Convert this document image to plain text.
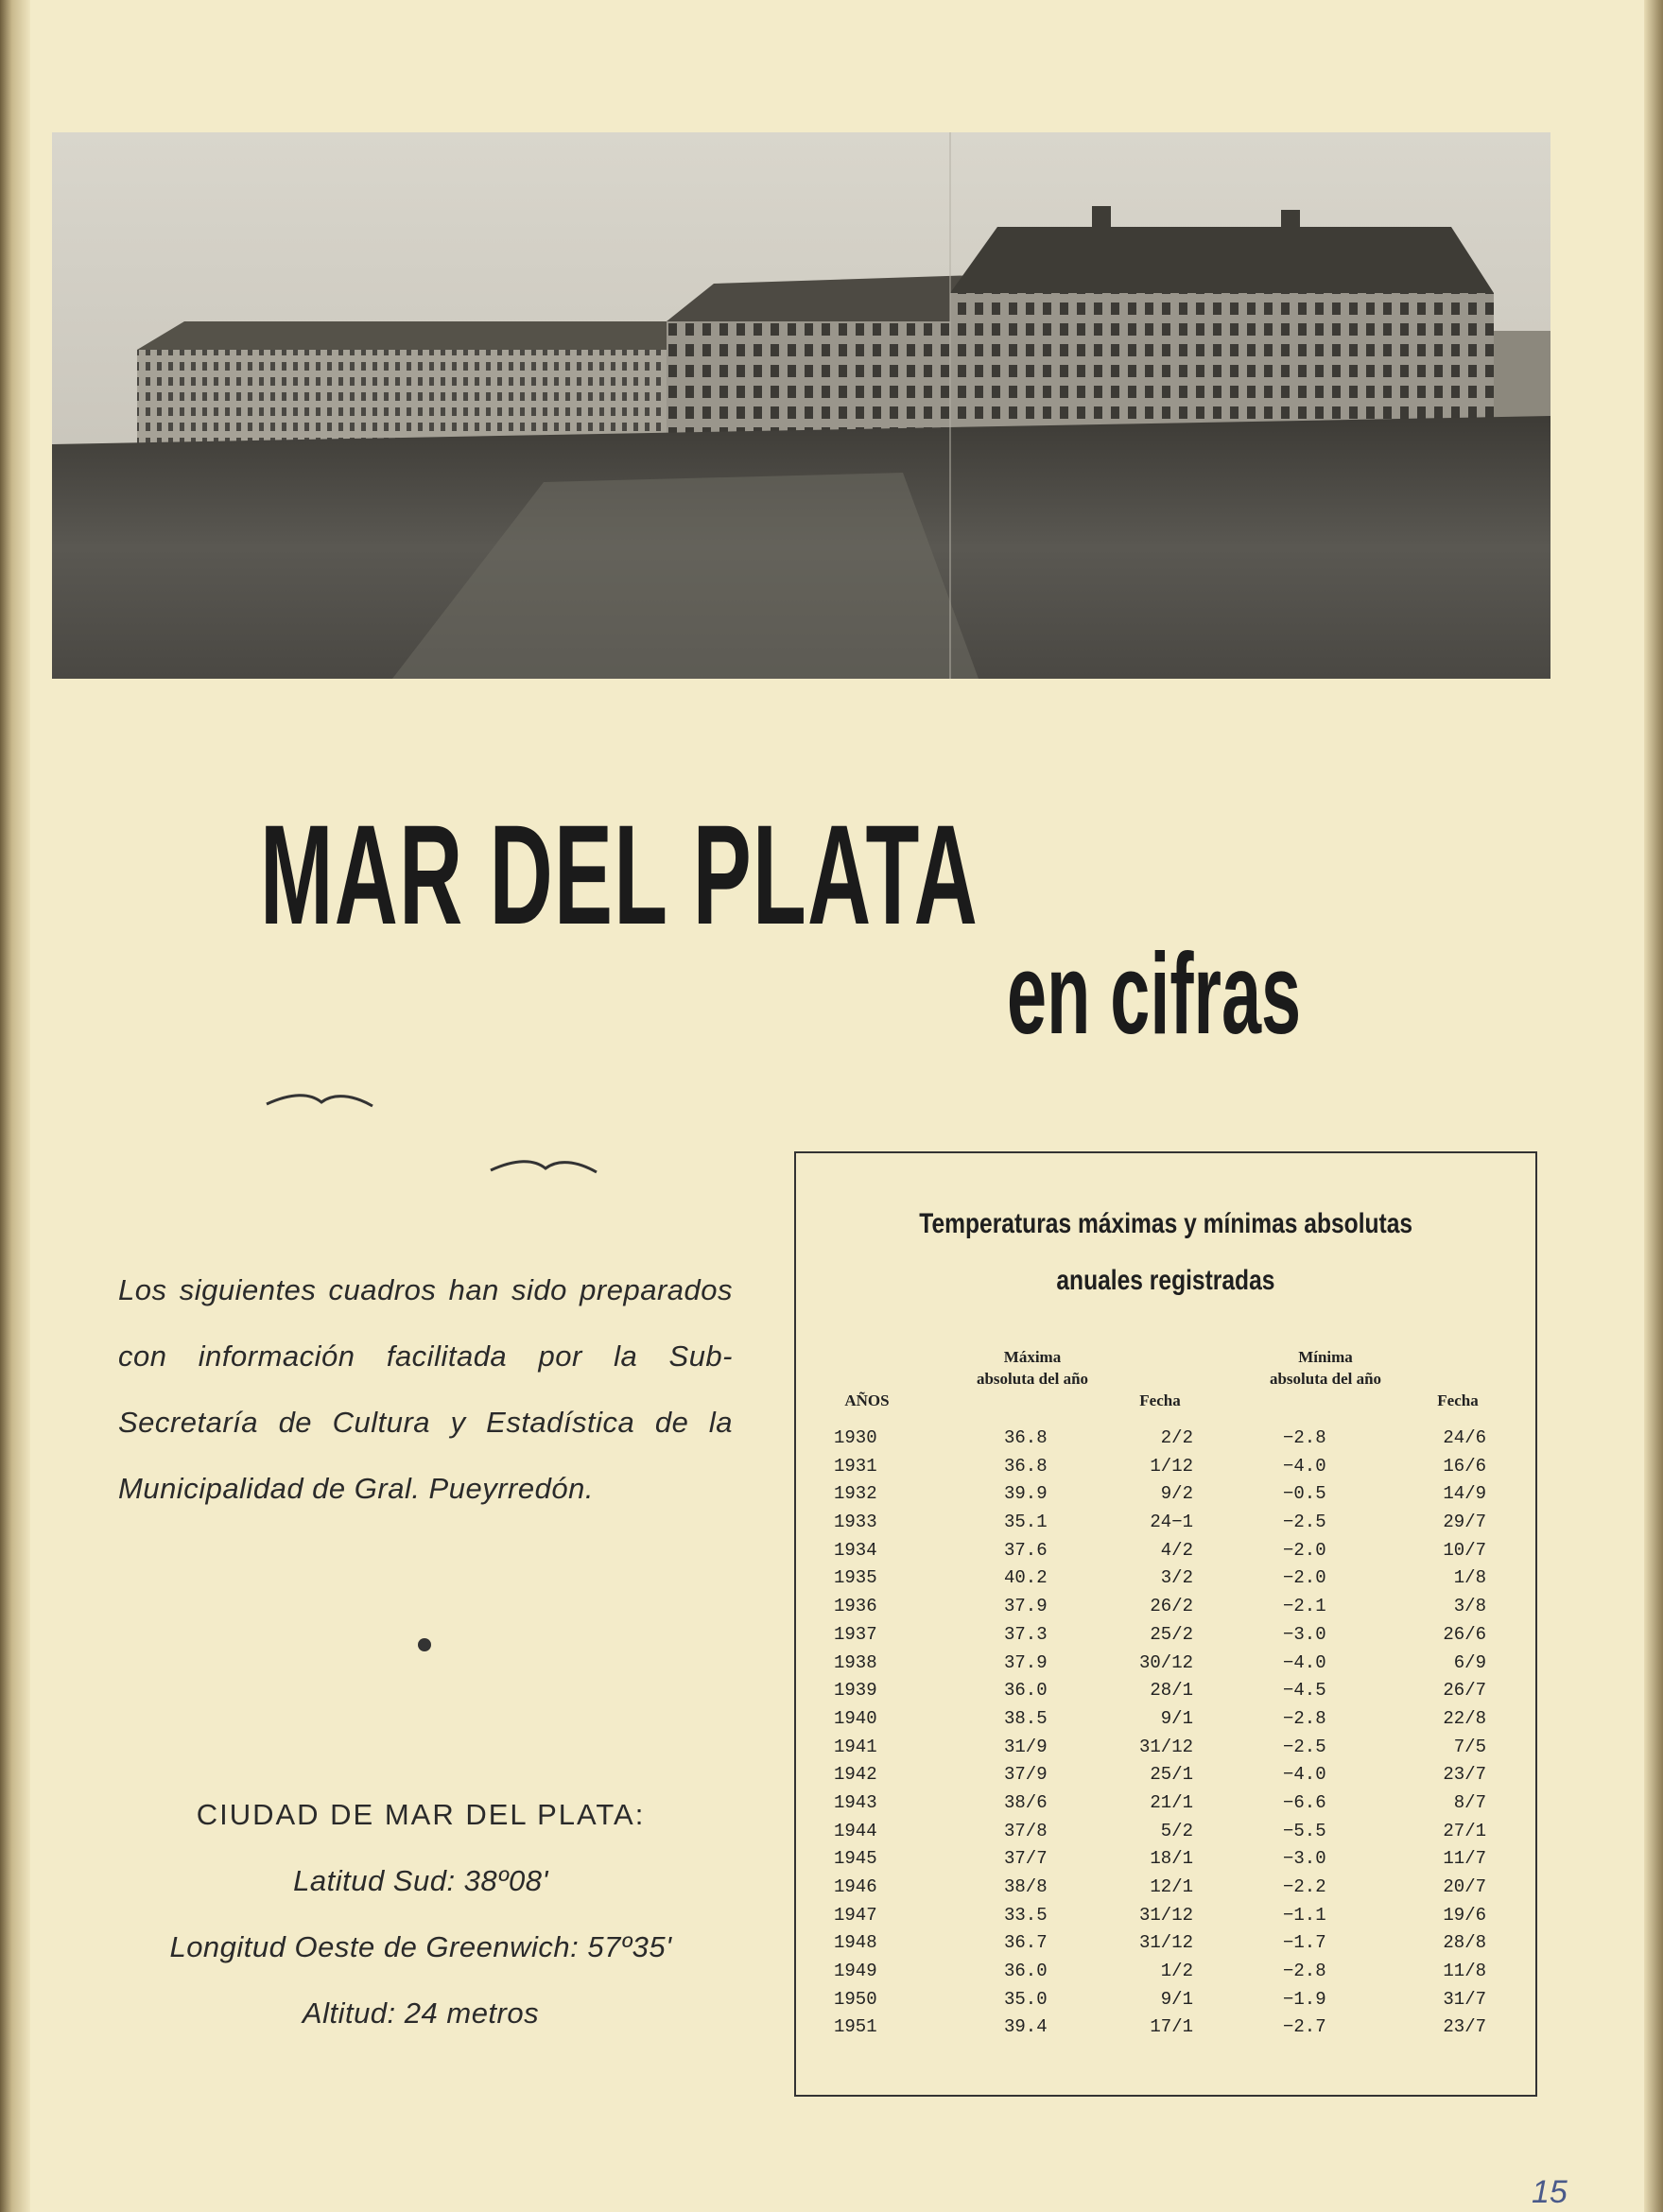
MAR DEL PLATA
en cifras
Los siguientes cuadros han sido preparados con información facilitada por la Sub-Secretaría de Cultura y Estadística de la Municipalidad de Gral. Pueyrredón.
CIUDAD DE MAR DEL PLATA:
Latitud Sud: 38º08'
Longitud Oeste de Greenwich: 57º35'
Altitud: 24 metros
Temperaturas máximas y mínimas absolutas
anuales registradas
AÑOS
Máxima absoluta del año
Fecha
Mínima absoluta del año
Fecha
1930	36.8	2/2	−2.8	24/6
1931	36.8	1/12	−4.0	16/6
1932	39.9	9/2	−0.5	14/9
1933	35.1	24−1	−2.5	29/7
1934	37.6	4/2	−2.0	10/7
1935	40.2	3/2	−2.0	1/8
1936	37.9	26/2	−2.1	3/8
1937	37.3	25/2	−3.0	26/6
1938	37.9	30/12	−4.0	6/9
1939	36.0	28/1	−4.5	26/7
1940	38.5	9/1	−2.8	22/8
1941	31/9	31/12	−2.5	7/5
1942	37/9	25/1	−4.0	23/7
1943	38/6	21/1	−6.6	8/7
1944	37/8	5/2	−5.5	27/1
1945	37/7	18/1	−3.0	11/7
1946	38/8	12/1	−2.2	20/7
1947	33.5	31/12	−1.1	19/6
1948	36.7	31/12	−1.7	28/8
1949	36.0	1/2	−2.8	11/8
1950	35.0	9/1	−1.9	31/7
1951	39.4	17/1	−2.7	23/7
15
